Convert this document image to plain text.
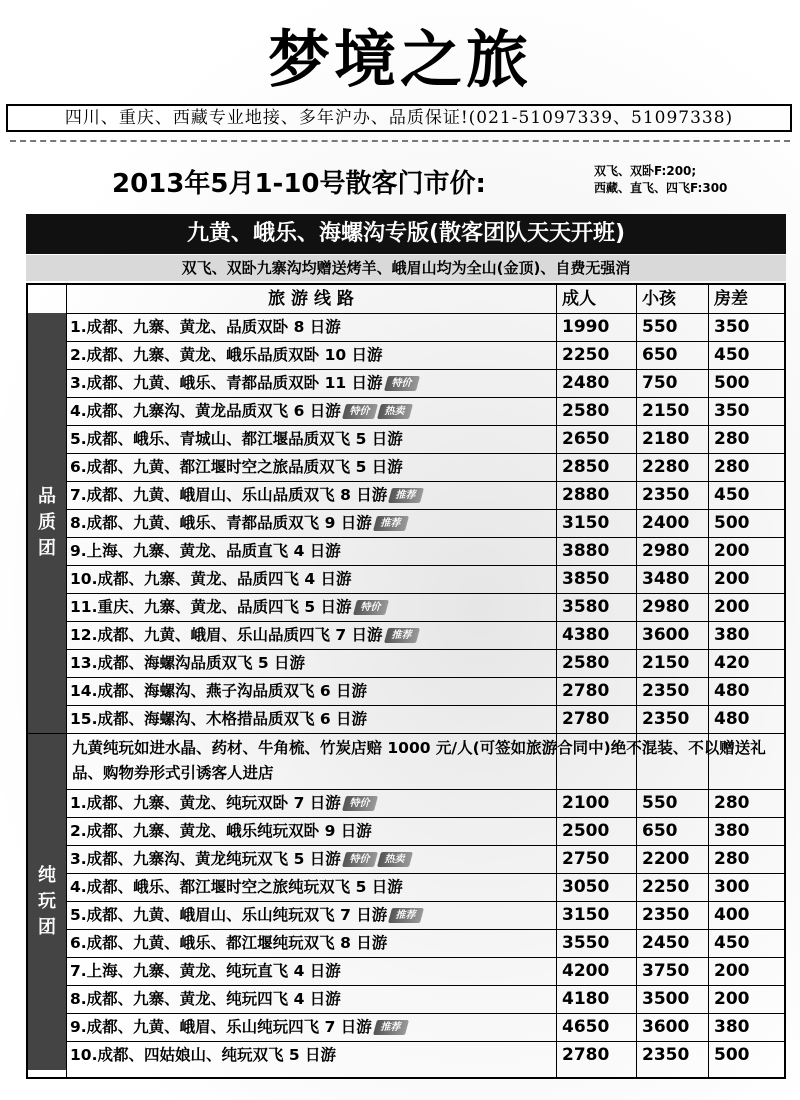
梦境之旅
四川、重庆、西藏专业地接、多年沪办、品质保证!(021-51097339、51097338)
2013年5月1-10号散客门市价:	双飞、双卧F:200;
西藏、直飞、四飞F:300
九黄、峨乐、海螺沟专版(散客团队天天开班)
双飞、双卧九寨沟均赠送烤羊、峨眉山均为全山(金顶)、自费无强消
旅 游 线 路	成人	小孩	房差
1.成都、九寨、黄龙、品质双卧 8 日游	1990 550 350
2.成都、九寨、黄龙、峨乐品质双卧 10 日游	2250 650 450
3.成都、九黄、峨乐、青都品质双卧 11 日游 特价	2480 750 500
4.成都、九寨沟、黄龙品质双飞 6 日游 特价 热卖	2580 2150 350
5.成都、峨乐、青城山、都江堰品质双飞 5 日游	2650 2180 280
6.成都、九黄、都江堰时空之旅品质双飞 5 日游	2850 2280 280
7.成都、九黄、峨眉山、乐山品质双飞 8 日游 推荐	2880 2350 450
8.成都、九黄、峨乐、青都品质双飞 9 日游 推荐	3150 2400 500
9.上海、九寨、黄龙、品质直飞 4 日游	3880 2980 200
10.成都、九寨、黄龙、品质四飞 4 日游	3850 3480 200
11.重庆、九寨、黄龙、品质四飞 5 日游 特价	3580 2980 200
12.成都、九黄、峨眉、乐山品质四飞 7 日游 推荐	4380 3600 380
13.成都、海螺沟品质双飞 5 日游	2580 2150 420
14.成都、海螺沟、燕子沟品质双飞 6 日游	2780 2350 480
15.成都、海螺沟、木格措品质双飞 6 日游	2780 2350 480
品
质
团
九黄纯玩如进水晶、药材、牛角梳、竹炭店赔 1000 元/人(可签如旅游合同中)绝不混装、不以赠送礼品、购物券形式引诱客人进店
1.成都、九寨、黄龙、纯玩双卧 7 日游 特价	2100 550 280
2.成都、九寨、黄龙、峨乐纯玩双卧 9 日游	2500 650 380
3.成都、九寨沟、黄龙纯玩双飞 5 日游 特价 热卖	2750 2200 280
4.成都、峨乐、都江堰时空之旅纯玩双飞 5 日游	3050 2250 300
5.成都、九黄、峨眉山、乐山纯玩双飞 7 日游 推荐	3150 2350 400
6.成都、九黄、峨乐、都江堰纯玩双飞 8 日游	3550 2450 450
7.上海、九寨、黄龙、纯玩直飞 4 日游	4200 3750 200
8.成都、九寨、黄龙、纯玩四飞 4 日游	4180 3500 200
9.成都、九黄、峨眉、乐山纯玩四飞 7 日游 推荐	4650 3600 380
10.成都、四姑娘山、纯玩双飞 5 日游	2780 2350 500
纯
玩
团
